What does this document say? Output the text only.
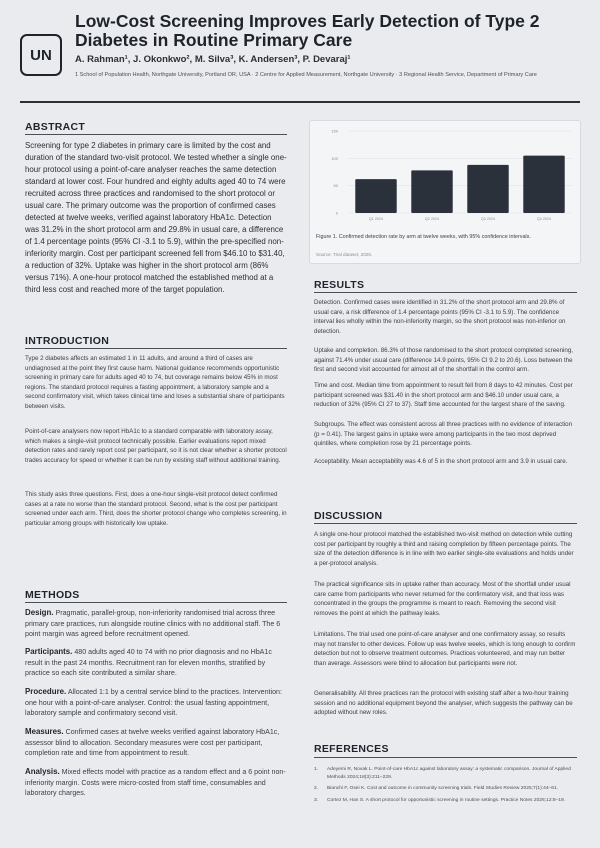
UN
Low-Cost Screening Improves Early Detection of Type 2 Diabetes in Routine Primary Care
A. Rahman¹, J. Okonkwo², M. Silva³, K. Andersen³, P. Devaraj¹
1 School of Population Health, Northgate University, Portland OR, USA · 2 Centre for Applied Measurement, Northgate University · 3 Regional Health Service, Department of Primary Care
ABSTRACT
Screening for type 2 diabetes in primary care is limited by the cost and duration of the standard two-visit protocol. We tested whether a single one-hour protocol using a point-of-care analyser reaches the same detection standard at lower cost. Four hundred and eighty adults aged 40 to 74 were recruited across three practices and randomised to the short protocol or usual care. The primary outcome was the proportion of confirmed cases detected at twelve weeks, verified against laboratory HbA1c. Detection was 31.2% in the short protocol arm and 29.8% in usual care, a difference of 1.4 percentage points (95% CI -3.1 to 5.9), within the pre-specified non-inferiority margin. Cost per participant screened fell from $46.10 to $31.40, a reduction of 32%. Uptake was higher in the short protocol arm (86% versus 71%). A one-hour protocol matched the established method at a third less cost and reached more of the target population.
INTRODUCTION
Type 2 diabetes affects an estimated 1 in 11 adults, and around a third of cases are undiagnosed at the point they first cause harm. National guidance recommends opportunistic screening in primary care for adults aged 40 to 74, but coverage remains below 45% in most regions. The standard protocol requires a fasting appointment, a laboratory sample and a second confirmatory visit, which takes clinical time and loses a substantial share of participants between visits.
Point-of-care analysers now report HbA1c to a standard comparable with laboratory assay, which makes a single-visit protocol technically possible. Earlier evaluations report mixed detection rates and rarely report cost per participant, so it is not clear whether a shorter protocol trades accuracy for speed or whether it can be run by existing staff without additional training.
This study asks three questions. First, does a one-hour single-visit protocol detect confirmed cases at a rate no worse than the standard protocol. Second, what is the cost per participant screened under each arm. Third, does the shorter protocol change who completes screening, in particular among groups with historically low uptake.
METHODS
Design. Pragmatic, parallel-group, non-inferiority randomised trial across three primary care practices, run alongside routine clinics with no additional staff. The 6 point margin was agreed before recruitment opened.
Participants. 480 adults aged 40 to 74 with no prior diagnosis and no HbA1c result in the past 24 months. Recruitment ran for eleven months, stratified by practice so each site contributed a similar share.
Procedure. Allocated 1:1 by a central service blind to the practices. Intervention: one hour with a point-of-care analyser. Control: the usual fasting appointment, laboratory sample and confirmatory second visit.
Measures. Confirmed cases at twelve weeks verified against laboratory HbA1c, assessor blind to allocation. Secondary measures were cost per participant, completion rate and time from appointment to result.
Analysis. Mixed effects model with practice as a random effect and a 6 point non-inferiority margin. Costs were micro-costed from staff time, consumables and laboratory charges.
0
50
100
150
Q1 2024	Q2 2024	Q3 2024	Q4 2024
Figure 1. Confirmed detection rate by arm at twelve weeks, with 95% confidence intervals.
Source: Trial dataset, 2026.
RESULTS
Detection. Confirmed cases were identified in 31.2% of the short protocol arm and 29.8% of usual care, a risk difference of 1.4 percentage points (95% CI -3.1 to 5.9). The confidence interval lies wholly within the non-inferiority margin, so the short protocol was non-inferior on detection.
Uptake and completion. 86.3% of those randomised to the short protocol completed screening, against 71.4% under usual care (difference 14.9 points, 95% CI 9.2 to 20.6). Loss between the first and second visit accounted for almost all of the shortfall in the control arm.
Time and cost. Median time from appointment to result fell from 8 days to 42 minutes. Cost per participant screened was $31.40 in the short protocol arm and $46.10 under usual care, a reduction of 32% (95% CI 27 to 37). Staff time accounted for the largest share of the saving.
Subgroups. The effect was consistent across all three practices with no evidence of interaction (p = 0.41). The largest gains in uptake were among participants in the two most deprived quintiles, where completion rose by 21 percentage points.
Acceptability. Mean acceptability was 4.6 of 5 in the short protocol arm and 3.9 in usual care.
DISCUSSION
A single one-hour protocol matched the established two-visit method on detection while cutting cost per participant by roughly a third and raising completion by fifteen percentage points. The size of the detection difference is in line with two earlier single-site evaluations and holds under a per-protocol analysis.
The practical significance sits in uptake rather than accuracy. Most of the shortfall under usual care came from participants who never returned for the confirmatory visit, and that loss was concentrated in the groups the programme is meant to reach. Removing the second visit removes the point at which the pathway leaks.
Limitations. The trial used one point-of-care analyser and one confirmatory assay, so results may not transfer to other devices. Follow up was twelve weeks, which is long enough to confirm detection but not to observe treatment outcomes. Practices volunteered, and may run better than average. Assessors were blind to allocation but participants were not.
Generalisability. All three practices ran the protocol with existing staff after a two-hour training session and no additional equipment beyond the analyser, which suggests the pathway can be adopted without new roles.
REFERENCES
1.	Adeyemi R, Novak L. Point-of-care HbA1c against laboratory assay: a systematic comparison. Journal of Applied Methods 2024;18(3):211–229.
2.	Bianchi F, Osei K. Cost and outcome in community screening trials. Field Studies Review 2025;7(1):44–61.
3.	Cortez M, Han S. A short protocol for opportunistic screening in routine settings. Practice Notes 2026;12:8–19.
